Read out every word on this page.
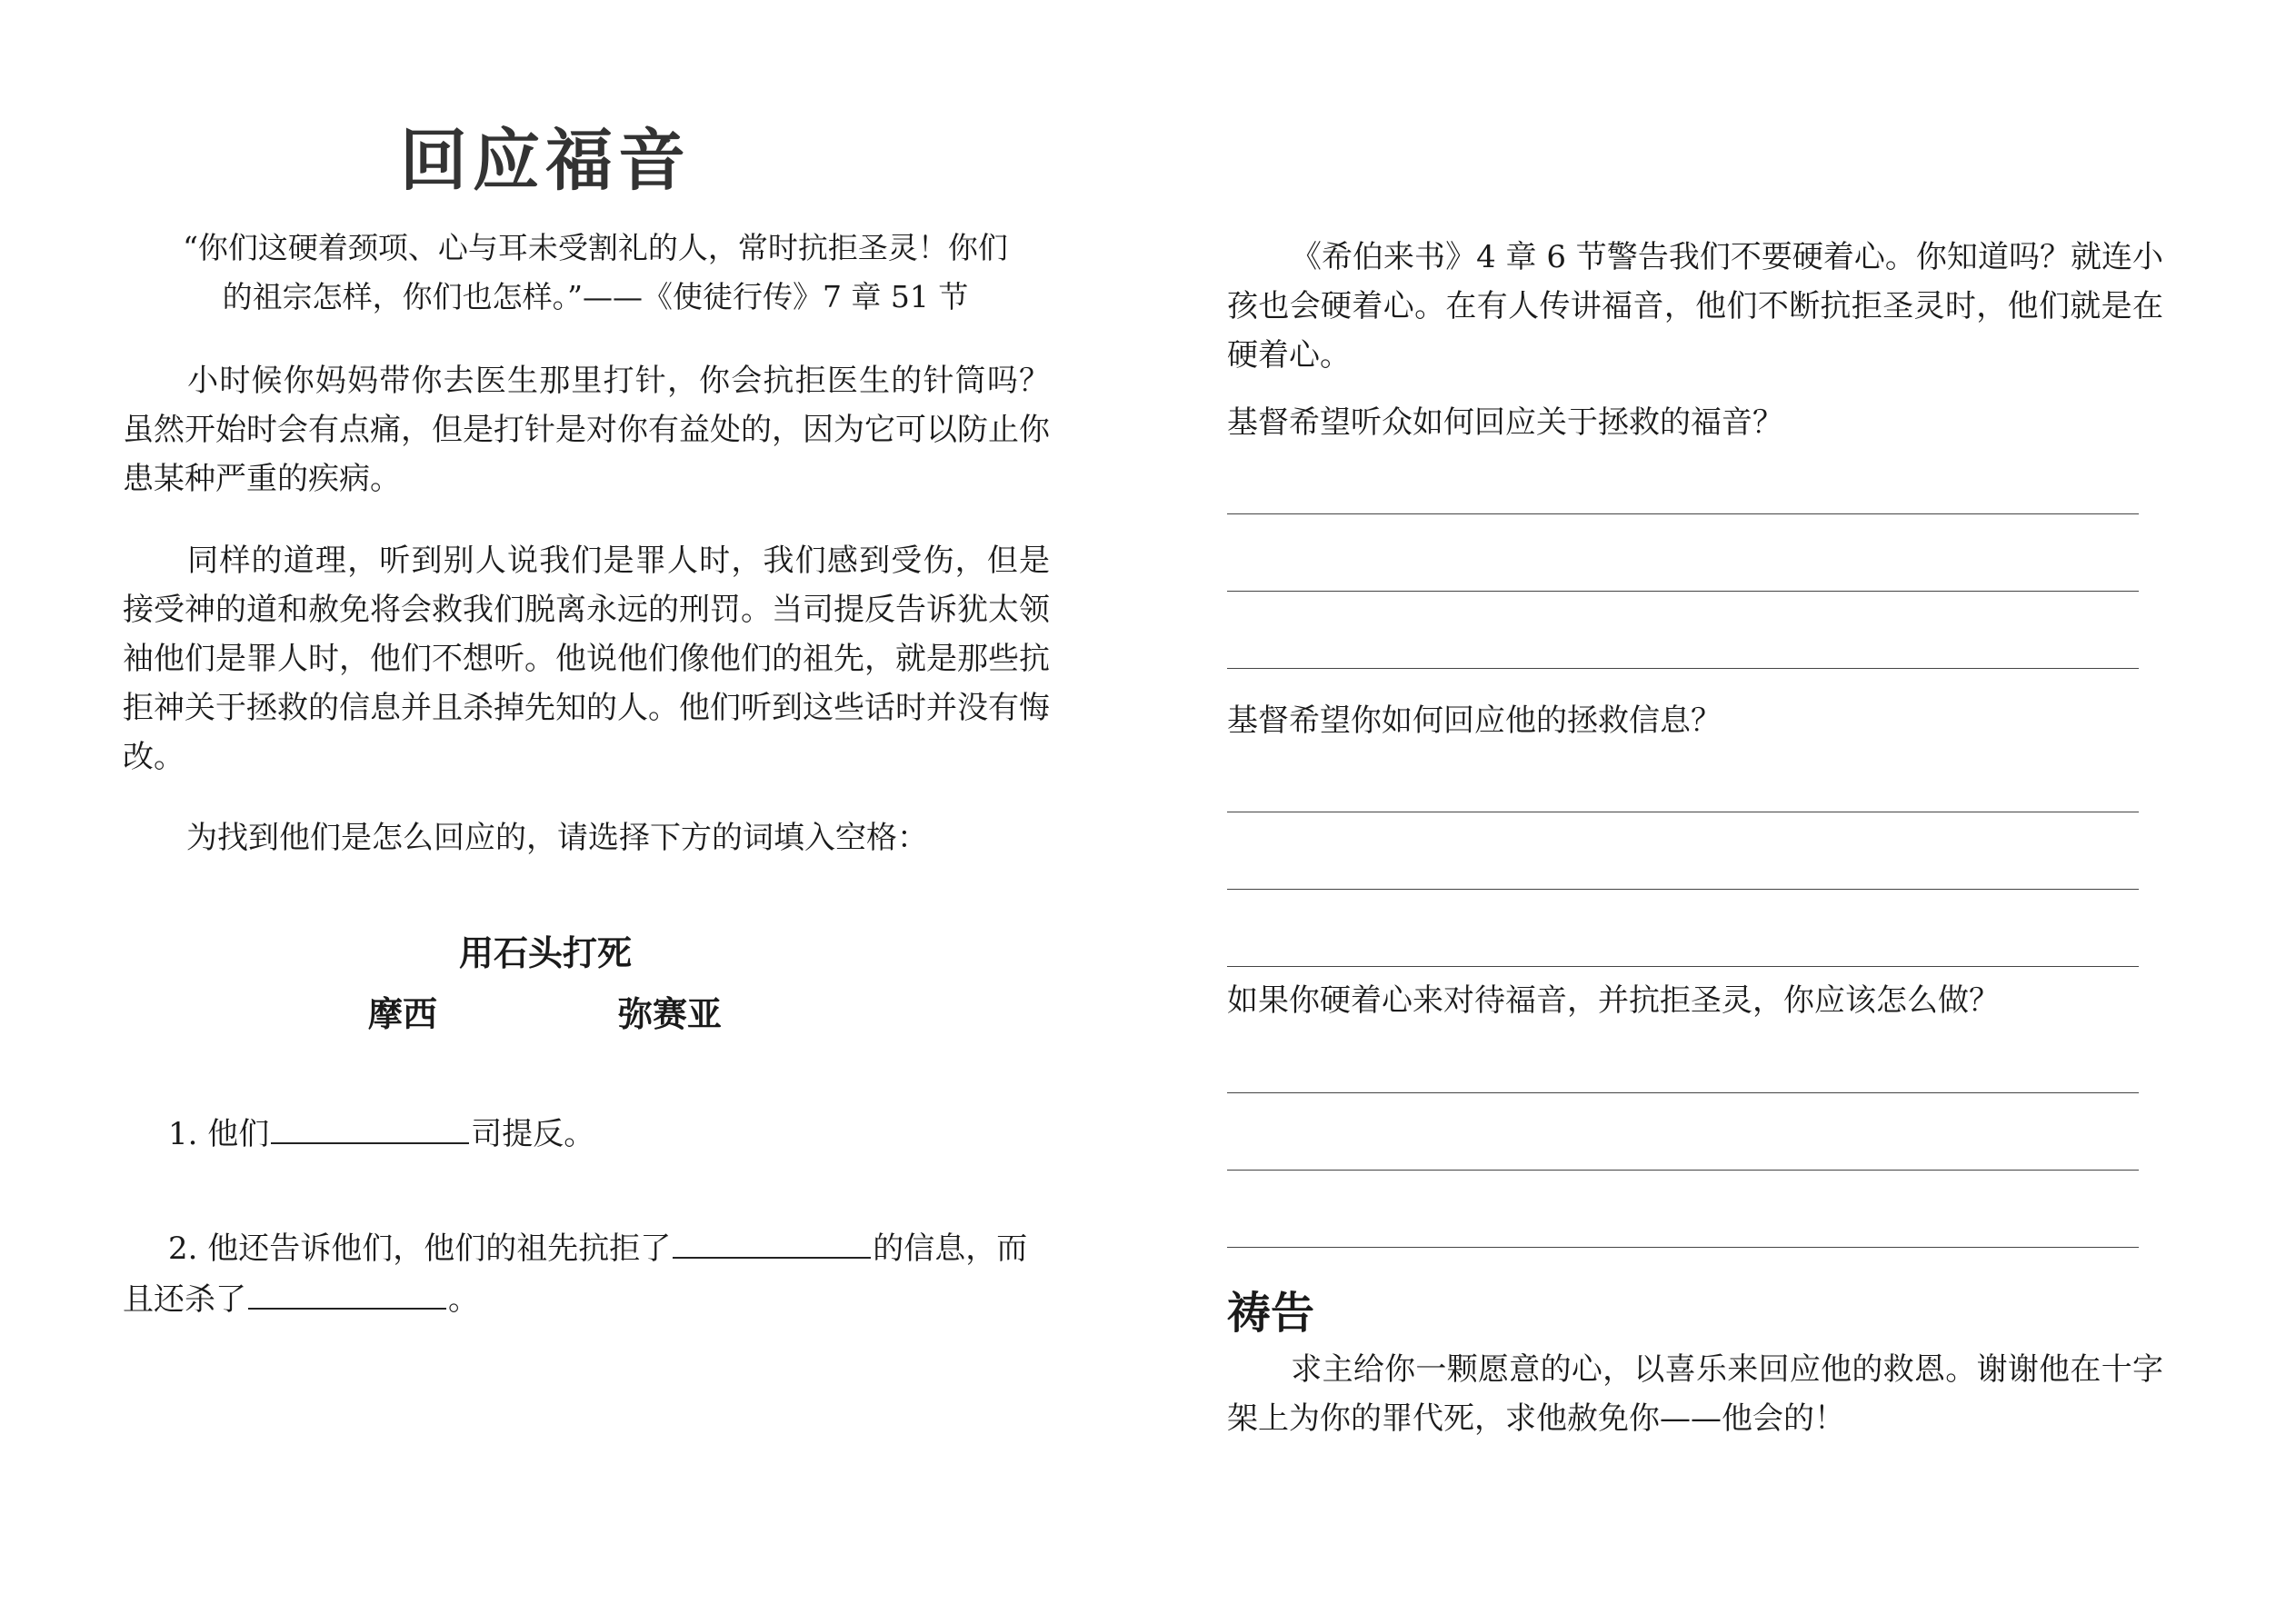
回应福音
“你们这硬着颈项、心与耳未受割礼的人，常时抗拒圣灵！你们
的祖宗怎样，你们也怎样。”——《使徒行传》7 章 51 节
小时候你妈妈带你去医生那里打针，你会抗拒医生的针筒吗？虽然开始时会有点痛，但是打针是对你有益处的，因为它可以防止你患某种严重的疾病。
同样的道理，听到别人说我们是罪人时，我们感到受伤，但是接受神的道和赦免将会救我们脱离永远的刑罚。当司提反告诉犹太领袖他们是罪人时，他们不想听。他说他们像他们的祖先，就是那些抗拒神关于拯救的信息并且杀掉先知的人。他们听到这些话时并没有悔改。
为找到他们是怎么回应的，请选择下方的词填入空格：
用石头打死
摩西	弥赛亚
1. 他们	司提反。
2. 他还告诉他们，他们的祖先抗拒了	的信息，而且还杀了	。
《希伯来书》4 章 6 节警告我们不要硬着心。你知道吗？就连小孩也会硬着心。在有人传讲福音，他们不断抗拒圣灵时，他们就是在硬着心。
基督希望听众如何回应关于拯救的福音？
基督希望你如何回应他的拯救信息？
如果你硬着心来对待福音，并抗拒圣灵，你应该怎么做？
祷告
求主给你一颗愿意的心，以喜乐来回应他的救恩。谢谢他在十字架上为你的罪代死，求他赦免你——他会的！
